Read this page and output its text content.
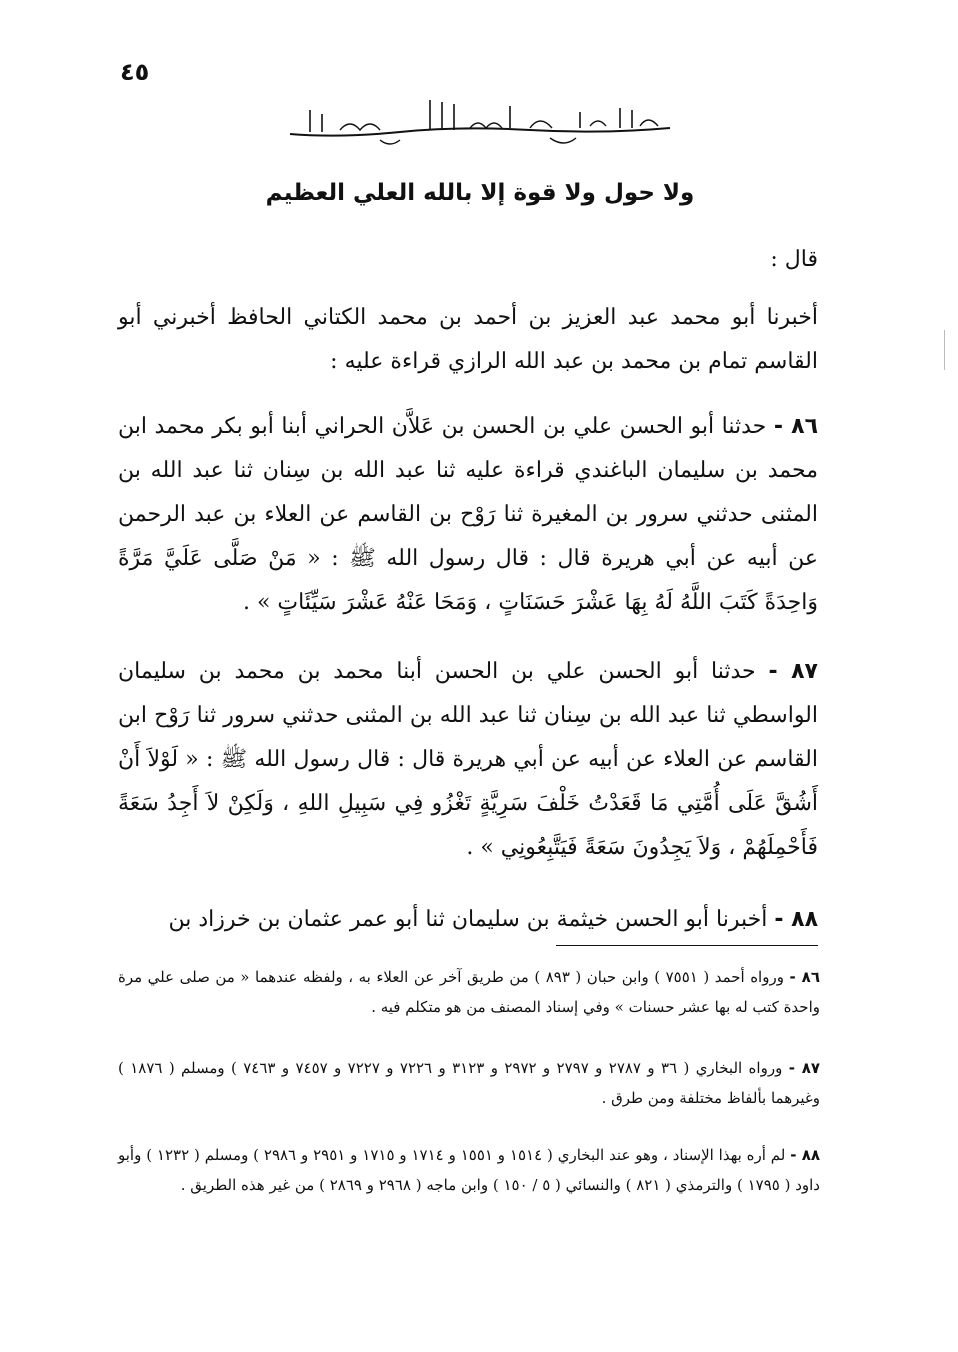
٤٥
ولا حول ولا قوة إلا بالله العلي العظيم

قال :

أخبرنا أبو محمد عبد العزيز بن أحمد بن محمد الكتاني الحافظ أخبرني أبو القاسم تمام بن محمد بن عبد الله الرازي قراءة عليه :

٨٦ - حدثنا أبو الحسن علي بن الحسن بن عَلاَّن الحراني أبنا أبو بكر محمد ابن محمد بن سليمان الباغندي قراءة عليه ثنا عبد الله بن سِنان ثنا عبد الله بن المثنى حدثني سرور بن المغيرة ثنا رَوْح بن القاسم عن العلاء بن عبد الرحمن عن أبيه عن أبي هريرة قال : قال رسول الله ﷺ : « مَنْ صَلَّى عَلَيَّ مَرَّةً وَاحِدَةً كَتَبَ اللَّهُ لَهُ بِهَا عَشْرَ حَسَنَاتٍ ، وَمَحَا عَنْهُ عَشْرَ سَيِّئَاتٍ » .

٨٧ - حدثنا أبو الحسن علي بن الحسن أبنا محمد بن محمد بن سليمان الواسطي ثنا عبد الله بن سِنان ثنا عبد الله بن المثنى حدثني سرور ثنا رَوْح ابن القاسم عن العلاء عن أبيه عن أبي هريرة قال : قال رسول الله ﷺ : « لَوْلاَ أَنْ أَشُقَّ عَلَى أُمَّتِي مَا قَعَدْتُ خَلْفَ سَرِيَّةٍ تَغْزُو فِي سَبِيلِ اللهِ ، وَلَكِنْ لاَ أَجِدُ سَعَةً فَأَحْمِلَهُمْ ، وَلاَ يَجِدُونَ سَعَةً فَيَتَّبِعُونِي » .

٨٨ - أخبرنا أبو الحسن خيثمة بن سليمان ثنا أبو عمر عثمان بن خرزاد بن

٨٦ - ورواه أحمد ( ٧٥٥١ ) وابن حبان ( ٨٩٣ ) من طريق آخر عن العلاء به ، ولفظه عندهما « من صلى علي مرة واحدة كتب له بها عشر حسنات » وفي إسناد المصنف من هو متكلم فيه .
٨٧ - ورواه البخاري ( ٣٦ و ٢٧٨٧ و ٢٧٩٧ و ٢٩٧٢ و ٣١٢٣ و ٧٢٢٦ و ٧٢٢٧ و ٧٤٥٧ و ٧٤٦٣ ) ومسلم ( ١٨٧٦ ) وغيرهما بألفاظ مختلفة ومن طرق .
٨٨ - لم أره بهذا الإسناد ، وهو عند البخاري ( ١٥١٤ و ١٥٥١ و ١٧١٤ و ١٧١٥ و ٢٩٥١ و ٢٩٨٦ ) ومسلم ( ١٢٣٢ ) وأبو داود ( ١٧٩٥ ) والترمذي ( ٨٢١ ) والنسائي ( ٥ / ١٥٠ ) وابن ماجه ( ٢٩٦٨ و ٢٨٦٩ ) من غير هذه الطريق .
